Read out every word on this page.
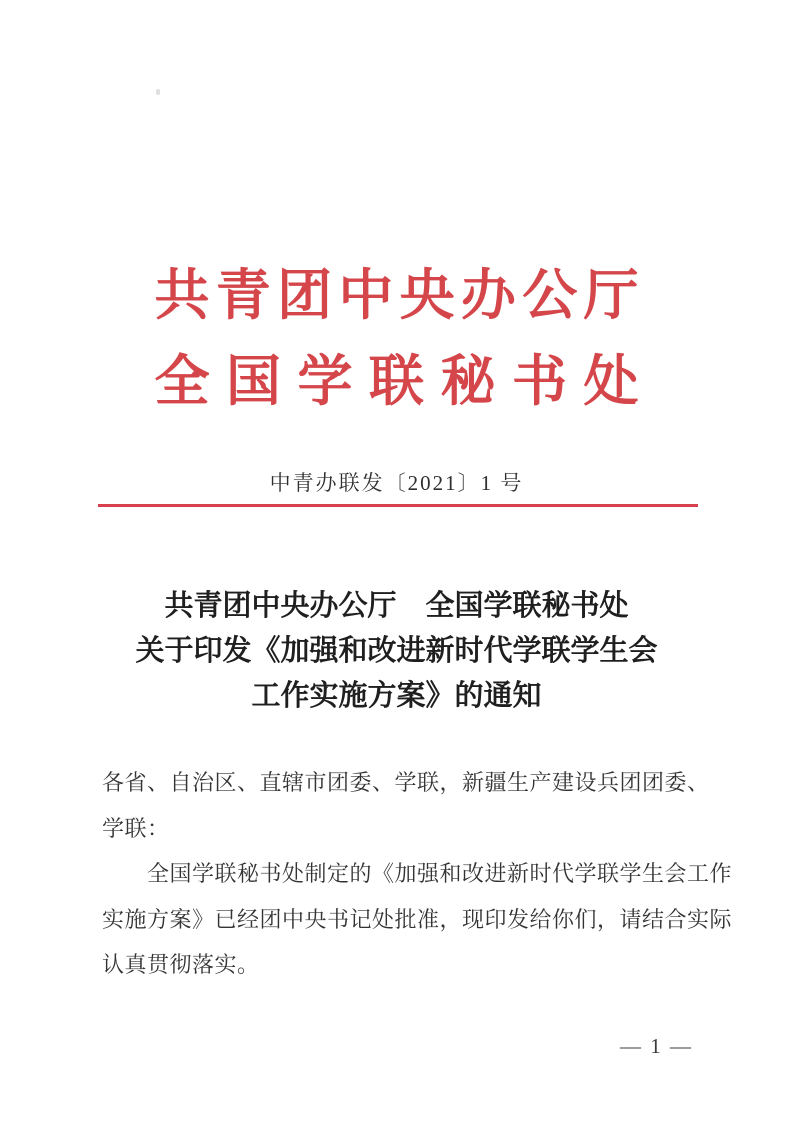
共青团中央办公厅
全国学联秘书处
中青办联发〔2021〕1 号
共青团中央办公厅　全国学联秘书处
关于印发《加强和改进新时代学联学生会
工作实施方案》的通知
各省、自治区、直辖市团委、学联，新疆生产建设兵团团委、
学联：
　　全国学联秘书处制定的《加强和改进新时代学联学生会工作
实施方案》已经团中央书记处批准，现印发给你们，请结合实际
认真贯彻落实。
— 1 —
